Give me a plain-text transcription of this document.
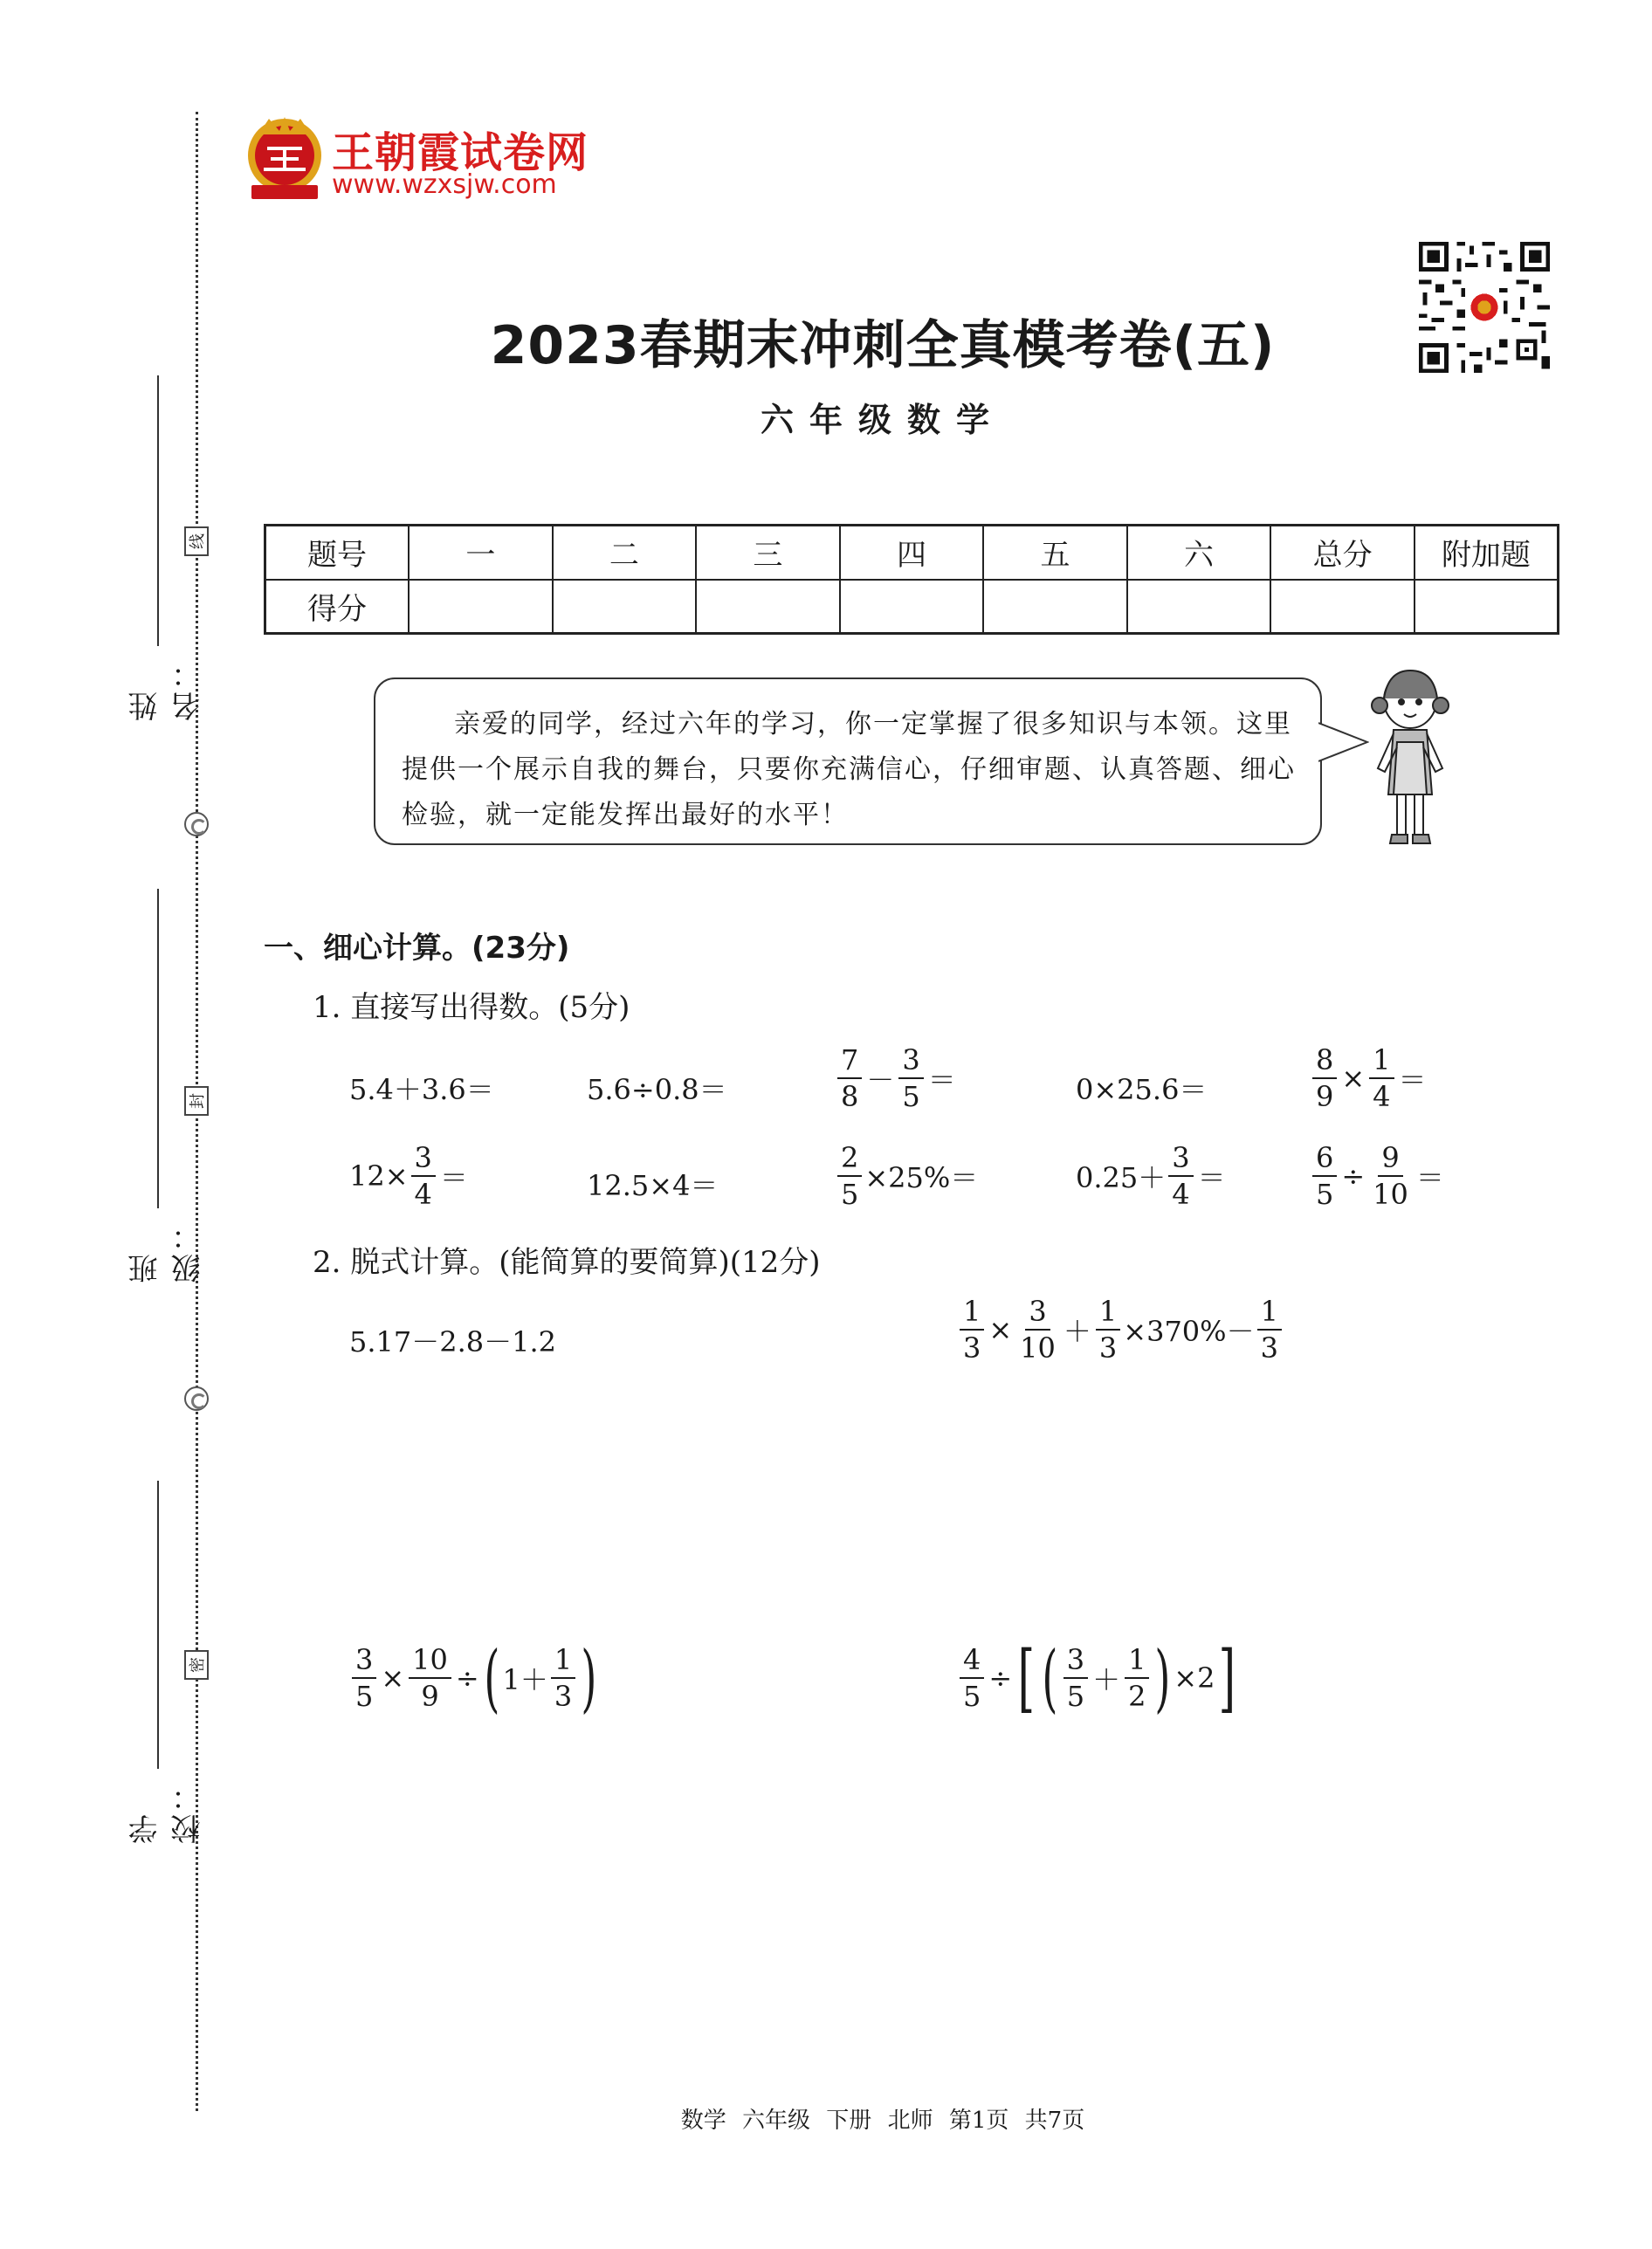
线
封
密
姓名：
班级：
学校：
王朝霞试卷网
www.wzxsjw.com
2023春期末冲刺全真模考卷(五)
六年级数学
题号	一	二	三	四	五	六	总分	附加题
得分								
亲爱的同学，经过六年的学习，你一定掌握了很多知识与本领。这里提供一个展示自我的舞台，只要你充满信心，仔细审题、认真答题、细心检验，就一定能发挥出最好的水平！
一、细心计算。(23分)
1. 直接写出得数。(5分)
5.4＋3.6＝	5.6÷0.8＝	$\frac{7}{8} - \frac{3}{5}$ ＝	0×25.6＝	$\frac{8}{9} \times \frac{1}{4}$ ＝
$12\times \frac{3}{4}$ ＝	12.5×4＝	$\frac{2}{5} \times 25\%=$	$0.25+ \frac{3}{4}$ ＝	$\frac{6}{5} \div \frac{9}{10}$ ＝
2. 脱式计算。(能简算的要简算)(12分)
5.17－2.8－1.2	$\frac{1}{3} \times \frac{3}{10} + \frac{1}{3} \times 370\%- \frac{1}{3}$
$\frac{3}{5} \times \frac{10}{9}$ ÷ ( $1+ \frac{1}{3}$ )	$\frac{4}{5}$ ÷ [ ( $\frac{3}{5} + \frac{1}{2}$ ) ×2 ]
数学 六年级 下册 北师 第1页 共7页
